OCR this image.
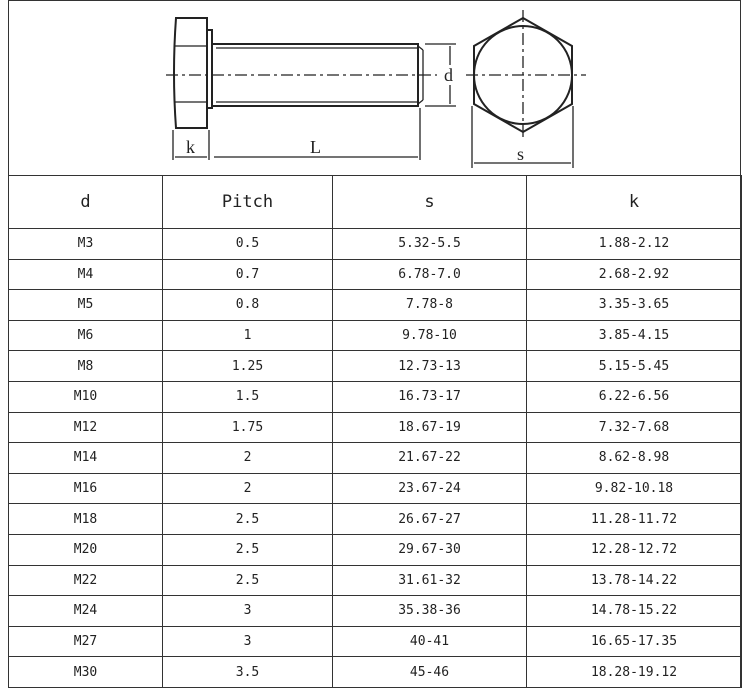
d
k	L	s
d	Pitch	s	k
M3	0.5	5.32-5.5	1.88-2.12
M4	0.7	6.78-7.0	2.68-2.92
M5	0.8	7.78-8	3.35-3.65
M6	1	9.78-10	3.85-4.15
M8	1.25	12.73-13	5.15-5.45
M10	1.5	16.73-17	6.22-6.56
M12	1.75	18.67-19	7.32-7.68
M14	2	21.67-22	8.62-8.98
M16	2	23.67-24	9.82-10.18
M18	2.5	26.67-27	11.28-11.72
M20	2.5	29.67-30	12.28-12.72
M22	2.5	31.61-32	13.78-14.22
M24	3	35.38-36	14.78-15.22
M27	3	40-41	16.65-17.35
M30	3.5	45-46	18.28-19.12
